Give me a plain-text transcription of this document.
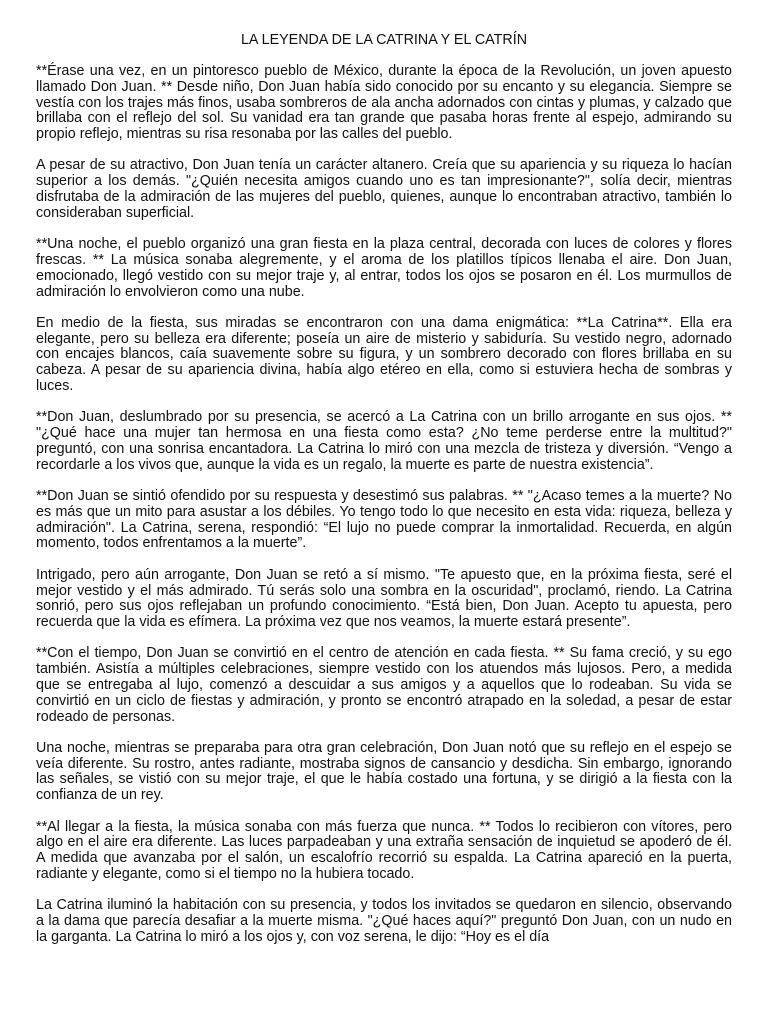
LA LEYENDA DE LA CATRINA Y EL CATRÍN

**Érase una vez, en un pintoresco pueblo de México, durante la época de la Revolución, un joven apuesto llamado Don Juan. ** Desde niño, Don Juan había sido conocido por su encanto y su elegancia. Siempre se vestía con los trajes más finos, usaba sombreros de ala ancha adornados con cintas y plumas, y calzado que brillaba con el reflejo del sol. Su vanidad era tan grande que pasaba horas frente al espejo, admirando su propio reflejo, mientras su risa resonaba por las calles del pueblo.

A pesar de su atractivo, Don Juan tenía un carácter altanero. Creía que su apariencia y su riqueza lo hacían superior a los demás. "¿Quién necesita amigos cuando uno es tan impresionante?", solía decir, mientras disfrutaba de la admiración de las mujeres del pueblo, quienes, aunque lo encontraban atractivo, también lo consideraban superficial.

**Una noche, el pueblo organizó una gran fiesta en la plaza central, decorada con luces de colores y flores frescas. ** La música sonaba alegremente, y el aroma de los platillos típicos llenaba el aire. Don Juan, emocionado, llegó vestido con su mejor traje y, al entrar, todos los ojos se posaron en él. Los murmullos de admiración lo envolvieron como una nube.

En medio de la fiesta, sus miradas se encontraron con una dama enigmática: **La Catrina**. Ella era elegante, pero su belleza era diferente; poseía un aire de misterio y sabiduría. Su vestido negro, adornado con encajes blancos, caía suavemente sobre su figura, y un sombrero decorado con flores brillaba en su cabeza. A pesar de su apariencia divina, había algo etéreo en ella, como si estuviera hecha de sombras y luces.

**Don Juan, deslumbrado por su presencia, se acercó a La Catrina con un brillo arrogante en sus ojos. ** "¿Qué hace una mujer tan hermosa en una fiesta como esta? ¿No teme perderse entre la multitud?" preguntó, con una sonrisa encantadora. La Catrina lo miró con una mezcla de tristeza y diversión. “Vengo a recordarle a los vivos que, aunque la vida es un regalo, la muerte es parte de nuestra existencia”.

**Don Juan se sintió ofendido por su respuesta y desestimó sus palabras. ** "¿Acaso temes a la muerte? No es más que un mito para asustar a los débiles. Yo tengo todo lo que necesito en esta vida: riqueza, belleza y admiración". La Catrina, serena, respondió: “El lujo no puede comprar la inmortalidad. Recuerda, en algún momento, todos enfrentamos a la muerte”.

Intrigado, pero aún arrogante, Don Juan se retó a sí mismo. "Te apuesto que, en la próxima fiesta, seré el mejor vestido y el más admirado. Tú serás solo una sombra en la oscuridad", proclamó, riendo. La Catrina sonrió, pero sus ojos reflejaban un profundo conocimiento. “Está bien, Don Juan. Acepto tu apuesta, pero recuerda que la vida es efímera. La próxima vez que nos veamos, la muerte estará presente”.

**Con el tiempo, Don Juan se convirtió en el centro de atención en cada fiesta. ** Su fama creció, y su ego también. Asistía a múltiples celebraciones, siempre vestido con los atuendos más lujosos. Pero, a medida que se entregaba al lujo, comenzó a descuidar a sus amigos y a aquellos que lo rodeaban. Su vida se convirtió en un ciclo de fiestas y admiración, y pronto se encontró atrapado en la soledad, a pesar de estar rodeado de personas.

Una noche, mientras se preparaba para otra gran celebración, Don Juan notó que su reflejo en el espejo se veía diferente. Su rostro, antes radiante, mostraba signos de cansancio y desdicha. Sin embargo, ignorando las señales, se vistió con su mejor traje, el que le había costado una fortuna, y se dirigió a la fiesta con la confianza de un rey.

**Al llegar a la fiesta, la música sonaba con más fuerza que nunca. ** Todos lo recibieron con vítores, pero algo en el aire era diferente. Las luces parpadeaban y una extraña sensación de inquietud se apoderó de él. A medida que avanzaba por el salón, un escalofrío recorrió su espalda. La Catrina apareció en la puerta, radiante y elegante, como si el tiempo no la hubiera tocado.

La Catrina iluminó la habitación con su presencia, y todos los invitados se quedaron en silencio, observando a la dama que parecía desafiar a la muerte misma. "¿Qué haces aquí?" preguntó Don Juan, con un nudo en la garganta. La Catrina lo miró a los ojos y, con voz serena, le dijo: “Hoy es el día
